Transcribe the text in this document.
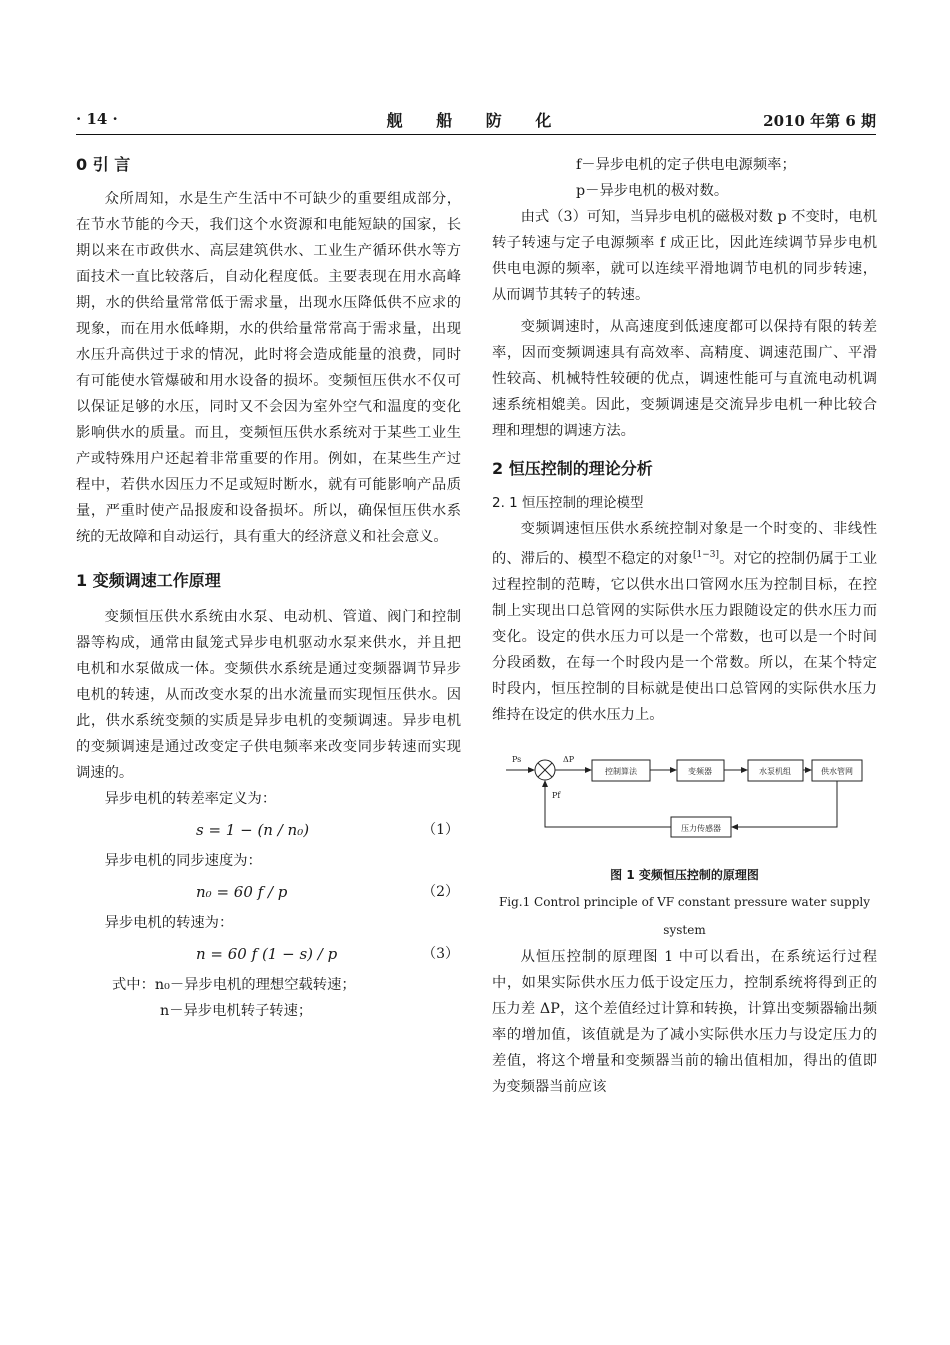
· 14 ·	舰 船 防 化	2010 年第 6 期
0 引 言

众所周知，水是生产生活中不可缺少的重要组成部分，在节水节能的今天，我们这个水资源和电能短缺的国家，长期以来在市政供水、高层建筑供水、工业生产循环供水等方面技术一直比较落后，自动化程度低。主要表现在用水高峰期，水的供给量常常低于需求量，出现水压降低供不应求的现象，而在用水低峰期，水的供给量常常高于需求量，出现水压升高供过于求的情况，此时将会造成能量的浪费，同时有可能使水管爆破和用水设备的损坏。变频恒压供水不仅可以保证足够的水压，同时又不会因为室外空气和温度的变化影响供水的质量。而且，变频恒压供水系统对于某些工业生产或特殊用户还起着非常重要的作用。例如，在某些生产过程中，若供水因压力不足或短时断水，就有可能影响产品质量，严重时使产品报废和设备损坏。所以，确保恒压供水系统的无故障和自动运行，具有重大的经济意义和社会意义。

1 变频调速工作原理

变频恒压供水系统由水泵、电动机、管道、阀门和控制器等构成，通常由鼠笼式异步电机驱动水泵来供水，并且把电机和水泵做成一体。变频供水系统是通过变频器调节异步电机的转速，从而改变水泵的出水流量而实现恒压供水。因此，供水系统变频的实质是异步电机的变频调速。异步电机的变频调速是通过改变定子供电频率来改变同步转速而实现调速的。

异步电机的转差率定义为：

s = 1 − (n / n₀)	（1）

异步电机的同步速度为：

n₀ = 60 f / p	（2）

异步电机的转速为：

n = 60 f (1 − s) / p	（3）
式中：n₀－异步电机的理想空载转速；
n－异步电机转子转速；
f－异步电机的定子供电电源频率；
p－异步电机的极对数。

由式（3）可知，当异步电机的磁极对数 p 不变时，电机转子转速与定子电源频率 f 成正比，因此连续调节异步电机供电电源的频率，就可以连续平滑地调节电机的同步转速，从而调节其转子的转速。

变频调速时，从高速度到低速度都可以保持有限的转差率，因而变频调速具有高效率、高精度、调速范围广、平滑性较高、机械特性较硬的优点，调速性能可与直流电动机调速系统相媲美。因此，变频调速是交流异步电机一种比较合理和理想的调速方法。

2 恒压控制的理论分析
2. 1 恒压控制的理论模型

变频调速恒压供水系统控制对象是一个时变的、非线性的、滞后的、模型不稳定的对象[1−3]。对它的控制仍属于工业过程控制的范畴，它以供水出口管网水压为控制目标，在控制上实现出口总管网的实际供水压力跟随设定的供水压力而变化。设定的供水压力可以是一个常数，也可以是一个时间分段函数，在每一个时段内是一个常数。所以，在某个特定时段内，恒压控制的目标就是使出口总管网的实际供水压力维持在设定的供水压力上。

Ps	ΔP
Pf
控制算法	变频器	水泵机组	供水管网
压力传感器
图 1 变频恒压控制的原理图
Fig.1 Control principle of VF constant pressure water supply system

从恒压控制的原理图 1 中可以看出，在系统运行过程中，如果实际供水压力低于设定压力，控制系统将得到正的压力差 ΔP，这个差值经过计算和转换，计算出变频器输出频率的增加值，该值就是为了减小实际供水压力与设定压力的差值，将这个增量和变频器当前的输出值相加，得出的值即为变频器当前应该
